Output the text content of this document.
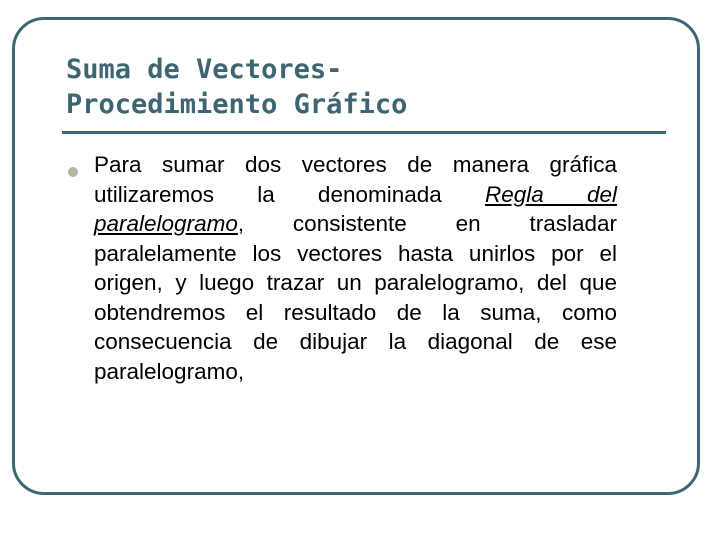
Suma de Vectores-
Procedimiento Gráfico

Para sumar dos vectores de manera gráfica utilizaremos la denominada Regla del paralelogramo, consistente en trasladar paralelamente los vectores hasta unirlos por el origen, y luego trazar un paralelogramo, del que obtendremos el resultado de la suma, como consecuencia de dibujar la diagonal de ese paralelogramo,
